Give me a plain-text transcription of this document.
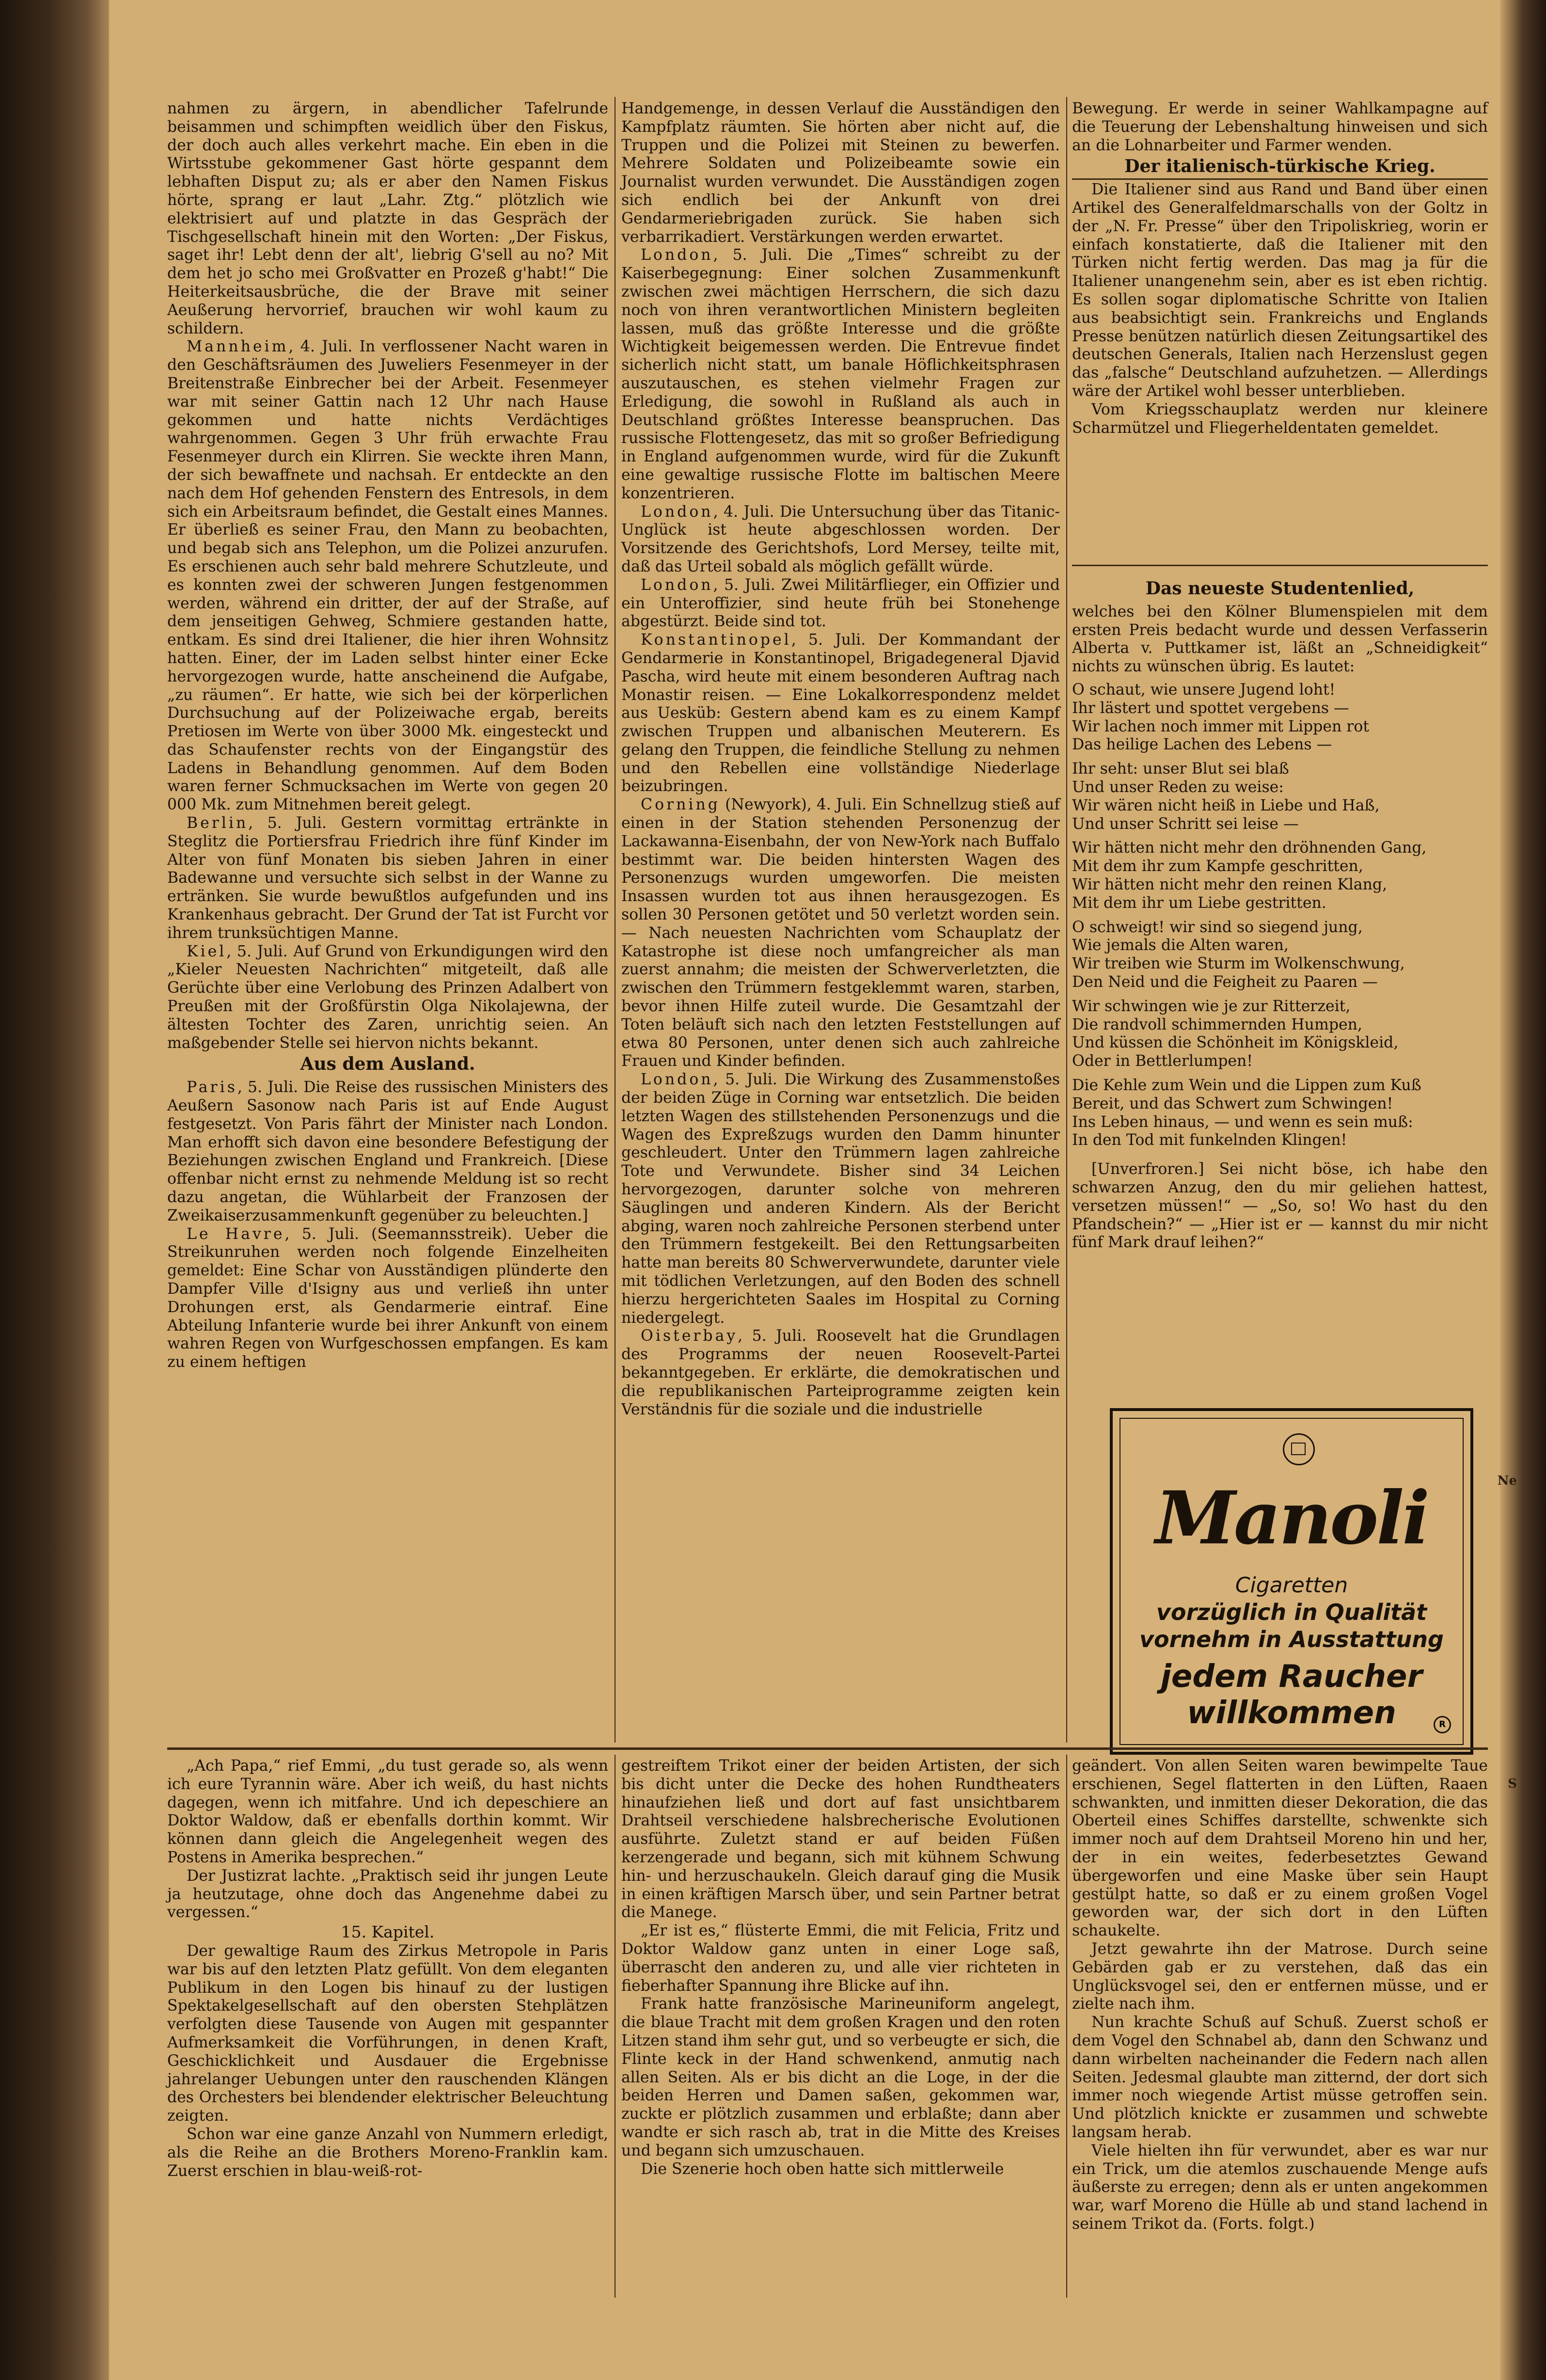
Ne
S

nahmen zu ärgern, in abendlicher Tafelrunde beisammen und schimpften weidlich über den Fiskus, der doch auch alles verkehrt mache. Ein eben in die Wirtsstube gekommener Gast hörte gespannt dem lebhaften Disput zu; als er aber den Namen Fiskus hörte, sprang er laut „Lahr. Ztg.“ plötzlich wie elektrisiert auf und platzte in das Gespräch der Tischgesellschaft hinein mit den Worten: „Der Fiskus, saget ihr! Lebt denn der alt', liebrig G'sell au no? Mit dem het jo scho mei Großvatter en Prozeß g'habt!“ Die Heiterkeitsausbrüche, die der Brave mit seiner Aeußerung hervorrief, brauchen wir wohl kaum zu schildern.

Mannheim, 4. Juli. In verflossener Nacht waren in den Geschäftsräumen des Juweliers Fesenmeyer in der Breitenstraße Einbrecher bei der Arbeit. Fesenmeyer war mit seiner Gattin nach 12 Uhr nach Hause gekommen und hatte nichts Verdächtiges wahrgenommen. Gegen 3 Uhr früh erwachte Frau Fesenmeyer durch ein Klirren. Sie weckte ihren Mann, der sich bewaffnete und nachsah. Er entdeckte an den nach dem Hof gehenden Fenstern des Entresols, in dem sich ein Arbeitsraum befindet, die Gestalt eines Mannes. Er überließ es seiner Frau, den Mann zu beobachten, und begab sich ans Telephon, um die Polizei anzurufen. Es erschienen auch sehr bald mehrere Schutzleute, und es konnten zwei der schweren Jungen festgenommen werden, während ein dritter, der auf der Straße, auf dem jenseitigen Gehweg, Schmiere gestanden hatte, entkam. Es sind drei Italiener, die hier ihren Wohnsitz hatten. Einer, der im Laden selbst hinter einer Ecke hervorgezogen wurde, hatte anscheinend die Aufgabe, „zu räumen“. Er hatte, wie sich bei der körperlichen Durchsuchung auf der Polizeiwache ergab, bereits Pretiosen im Werte von über 3000 Mk. eingesteckt und das Schaufenster rechts von der Eingangstür des Ladens in Behandlung genommen. Auf dem Boden waren ferner Schmucksachen im Werte von gegen 20 000 Mk. zum Mitnehmen bereit gelegt.

Berlin, 5. Juli. Gestern vormittag ertränkte in Steglitz die Portiersfrau Friedrich ihre fünf Kinder im Alter von fünf Monaten bis sieben Jahren in einer Badewanne und versuchte sich selbst in der Wanne zu ertränken. Sie wurde bewußtlos aufgefunden und ins Krankenhaus gebracht. Der Grund der Tat ist Furcht vor ihrem trunksüchtigen Manne.

Kiel, 5. Juli. Auf Grund von Erkundigungen wird den „Kieler Neuesten Nachrichten“ mitgeteilt, daß alle Gerüchte über eine Verlobung des Prinzen Adalbert von Preußen mit der Großfürstin Olga Nikolajewna, der ältesten Tochter des Zaren, unrichtig seien. An maßgebender Stelle sei hiervon nichts bekannt.

Aus dem Ausland.

Paris, 5. Juli. Die Reise des russischen Ministers des Aeußern Sasonow nach Paris ist auf Ende August festgesetzt. Von Paris fährt der Minister nach London. Man erhofft sich davon eine besondere Befestigung der Beziehungen zwischen England und Frankreich. [Diese offenbar nicht ernst zu nehmende Meldung ist so recht dazu angetan, die Wühlarbeit der Franzosen der Zweikaiserzusammenkunft gegenüber zu beleuchten.]

Le Havre, 5. Juli. (Seemannsstreik). Ueber die Streikunruhen werden noch folgende Einzelheiten gemeldet: Eine Schar von Ausständigen plünderte den Dampfer Ville d'Isigny aus und verließ ihn unter Drohungen erst, als Gendarmerie eintraf. Eine Abteilung Infanterie wurde bei ihrer Ankunft von einem wahren Regen von Wurfgeschossen empfangen. Es kam zu einem heftigen

Handgemenge, in dessen Verlauf die Ausständigen den Kampfplatz räumten. Sie hörten aber nicht auf, die Truppen und die Polizei mit Steinen zu bewerfen. Mehrere Soldaten und Polizeibeamte sowie ein Journalist wurden verwundet. Die Ausständigen zogen sich endlich bei der Ankunft von drei Gendarmeriebrigaden zurück. Sie haben sich verbarrikadiert. Verstärkungen werden erwartet.

London, 5. Juli. Die „Times“ schreibt zu der Kaiserbegegnung: Einer solchen Zusammenkunft zwischen zwei mächtigen Herrschern, die sich dazu noch von ihren verantwortlichen Ministern begleiten lassen, muß das größte Interesse und die größte Wichtigkeit beigemessen werden. Die Entrevue findet sicherlich nicht statt, um banale Höflichkeitsphrasen auszutauschen, es stehen vielmehr Fragen zur Erledigung, die sowohl in Rußland als auch in Deutschland größtes Interesse beanspruchen. Das russische Flottengesetz, das mit so großer Befriedigung in England aufgenommen wurde, wird für die Zukunft eine gewaltige russische Flotte im baltischen Meere konzentrieren.

London, 4. Juli. Die Untersuchung über das Titanic-Unglück ist heute abgeschlossen worden. Der Vorsitzende des Gerichtshofs, Lord Mersey, teilte mit, daß das Urteil sobald als möglich gefällt würde.

London, 5. Juli. Zwei Militärflieger, ein Offizier und ein Unteroffizier, sind heute früh bei Stonehenge abgestürzt. Beide sind tot.

Konstantinopel, 5. Juli. Der Kommandant der Gendarmerie in Konstantinopel, Brigadegeneral Djavid Pascha, wird heute mit einem besonderen Auftrag nach Monastir reisen. — Eine Lokalkorrespondenz meldet aus Uesküb: Gestern abend kam es zu einem Kampf zwischen Truppen und albanischen Meuterern. Es gelang den Truppen, die feindliche Stellung zu nehmen und den Rebellen eine vollständige Niederlage beizubringen.

Corning (Newyork), 4. Juli. Ein Schnellzug stieß auf einen in der Station stehenden Personenzug der Lackawanna-Eisenbahn, der von New-York nach Buffalo bestimmt war. Die beiden hintersten Wagen des Personenzugs wurden umgeworfen. Die meisten Insassen wurden tot aus ihnen herausgezogen. Es sollen 30 Personen getötet und 50 verletzt worden sein. — Nach neuesten Nachrichten vom Schauplatz der Katastrophe ist diese noch umfangreicher als man zuerst annahm; die meisten der Schwerverletzten, die zwischen den Trümmern festgeklemmt waren, starben, bevor ihnen Hilfe zuteil wurde. Die Gesamtzahl der Toten beläuft sich nach den letzten Feststellungen auf etwa 80 Personen, unter denen sich auch zahlreiche Frauen und Kinder befinden.

London, 5. Juli. Die Wirkung des Zusammenstoßes der beiden Züge in Corning war entsetzlich. Die beiden letzten Wagen des stillstehenden Personenzugs und die Wagen des Expreßzugs wurden den Damm hinunter geschleudert. Unter den Trümmern lagen zahlreiche Tote und Verwundete. Bisher sind 34 Leichen hervorgezogen, darunter solche von mehreren Säuglingen und anderen Kindern. Als der Bericht abging, waren noch zahlreiche Personen sterbend unter den Trümmern festgekeilt. Bei den Rettungsarbeiten hatte man bereits 80 Schwerverwundete, darunter viele mit tödlichen Verletzungen, auf den Boden des schnell hierzu hergerichteten Saales im Hospital zu Corning niedergelegt.

Oisterbay, 5. Juli. Roosevelt hat die Grundlagen des Programms der neuen Roosevelt-Partei bekanntgegeben. Er erklärte, die demokratischen und die republikanischen Parteiprogramme zeigten kein Verständnis für die soziale und die industrielle

Bewegung. Er werde in seiner Wahlkampagne auf die Teuerung der Lebenshaltung hinweisen und sich an die Lohnarbeiter und Farmer wenden.

Der italienisch-türkische Krieg.

Die Italiener sind aus Rand und Band über einen Artikel des Generalfeldmarschalls von der Goltz in der „N. Fr. Presse“ über den Tripoliskrieg, worin er einfach konstatierte, daß die Italiener mit den Türken nicht fertig werden. Das mag ja für die Italiener unangenehm sein, aber es ist eben richtig. Es sollen sogar diplomatische Schritte von Italien aus beabsichtigt sein. Frankreichs und Englands Presse benützen natürlich diesen Zeitungsartikel des deutschen Generals, Italien nach Herzenslust gegen das „falsche“ Deutschland aufzuhetzen. — Allerdings wäre der Artikel wohl besser unterblieben.

Vom Kriegsschauplatz werden nur kleinere Scharmützel und Fliegerheldentaten gemeldet.

Das neueste Studentenlied,

welches bei den Kölner Blumenspielen mit dem ersten Preis bedacht wurde und dessen Verfasserin Alberta v. Puttkamer ist, läßt an „Schneidigkeit“ nichts zu wünschen übrig. Es lautet:

O schaut, wie unsere Jugend loht!

Ihr lästert und spottet vergebens —

Wir lachen noch immer mit Lippen rot

Das heilige Lachen des Lebens —

Ihr seht: unser Blut sei blaß

Und unser Reden zu weise:

Wir wären nicht heiß in Liebe und Haß,

Und unser Schritt sei leise —

Wir hätten nicht mehr den dröhnenden Gang,

Mit dem ihr zum Kampfe geschritten,

Wir hätten nicht mehr den reinen Klang,

Mit dem ihr um Liebe gestritten.

O schweigt! wir sind so siegend jung,

Wie jemals die Alten waren,

Wir treiben wie Sturm im Wolkenschwung,

Den Neid und die Feigheit zu Paaren —

Wir schwingen wie je zur Ritterzeit,

Die randvoll schimmernden Humpen,

Und küssen die Schönheit im Königskleid,

Oder in Bettlerlumpen!

Die Kehle zum Wein und die Lippen zum Kuß

Bereit, und das Schwert zum Schwingen!

Ins Leben hinaus, — und wenn es sein muß:

In den Tod mit funkelnden Klingen!

[Unverfroren.] Sei nicht böse, ich habe den schwarzen Anzug, den du mir geliehen hattest, versetzen müssen!“ — „So, so! Wo hast du den Pfandschein?“ — „Hier ist er — kannst du mir nicht fünf Mark drauf leihen?“

Manoli
Cigaretten
vorzüglich in Qualität
vornehm in Ausstattung
jedem Raucher
willkommen	R

„Ach Papa,“ rief Emmi, „du tust gerade so, als wenn ich eure Tyrannin wäre. Aber ich weiß, du hast nichts dagegen, wenn ich mitfahre. Und ich depeschiere an Doktor Waldow, daß er ebenfalls dorthin kommt. Wir können dann gleich die Angelegenheit wegen des Postens in Amerika besprechen.“

Der Justizrat lachte. „Praktisch seid ihr jungen Leute ja heutzutage, ohne doch das Angenehme dabei zu vergessen.“

15. Kapitel.

Der gewaltige Raum des Zirkus Metropole in Paris war bis auf den letzten Platz gefüllt. Von dem eleganten Publikum in den Logen bis hinauf zu der lustigen Spektakelgesellschaft auf den obersten Stehplätzen verfolgten diese Tausende von Augen mit gespannter Aufmerksamkeit die Vorführungen, in denen Kraft, Geschicklichkeit und Ausdauer die Ergebnisse jahrelanger Uebungen unter den rauschenden Klängen des Orchesters bei blendender elektrischer Beleuchtung zeigten.

Schon war eine ganze Anzahl von Nummern erledigt, als die Reihe an die Brothers Moreno-Franklin kam. Zuerst erschien in blau-weiß-rot-

gestreiftem Trikot einer der beiden Artisten, der sich bis dicht unter die Decke des hohen Rundtheaters hinaufziehen ließ und dort auf fast unsichtbarem Drahtseil verschiedene halsbrecherische Evolutionen ausführte. Zuletzt stand er auf beiden Füßen kerzengerade und begann, sich mit kühnem Schwung hin- und herzuschaukeln. Gleich darauf ging die Musik in einen kräftigen Marsch über, und sein Partner betrat die Manege.

„Er ist es,“ flüsterte Emmi, die mit Felicia, Fritz und Doktor Waldow ganz unten in einer Loge saß, überrascht den anderen zu, und alle vier richteten in fieberhafter Spannung ihre Blicke auf ihn.

Frank hatte französische Marineuniform angelegt, die blaue Tracht mit dem großen Kragen und den roten Litzen stand ihm sehr gut, und so verbeugte er sich, die Flinte keck in der Hand schwenkend, anmutig nach allen Seiten. Als er bis dicht an die Loge, in der die beiden Herren und Damen saßen, gekommen war, zuckte er plötzlich zusammen und erblaßte; dann aber wandte er sich rasch ab, trat in die Mitte des Kreises und begann sich umzuschauen.

Die Szenerie hoch oben hatte sich mittlerweile

geändert. Von allen Seiten waren bewimpelte Taue erschienen, Segel flatterten in den Lüften, Raaen schwankten, und inmitten dieser Dekoration, die das Oberteil eines Schiffes darstellte, schwenkte sich immer noch auf dem Drahtseil Moreno hin und her, der in ein weites, federbesetztes Gewand übergeworfen und eine Maske über sein Haupt gestülpt hatte, so daß er zu einem großen Vogel geworden war, der sich dort in den Lüften schaukelte.

Jetzt gewahrte ihn der Matrose. Durch seine Gebärden gab er zu verstehen, daß das ein Unglücksvogel sei, den er entfernen müsse, und er zielte nach ihm.

Nun krachte Schuß auf Schuß. Zuerst schoß er dem Vogel den Schnabel ab, dann den Schwanz und dann wirbelten nacheinander die Federn nach allen Seiten. Jedesmal glaubte man zitternd, der dort sich immer noch wiegende Artist müsse getroffen sein. Und plötzlich knickte er zusammen und schwebte langsam herab.

Viele hielten ihn für verwundet, aber es war nur ein Trick, um die atemlos zuschauende Menge aufs äußerste zu erregen; denn als er unten angekommen war, warf Moreno die Hülle ab und stand lachend in seinem Trikot da. (Forts. folgt.)
